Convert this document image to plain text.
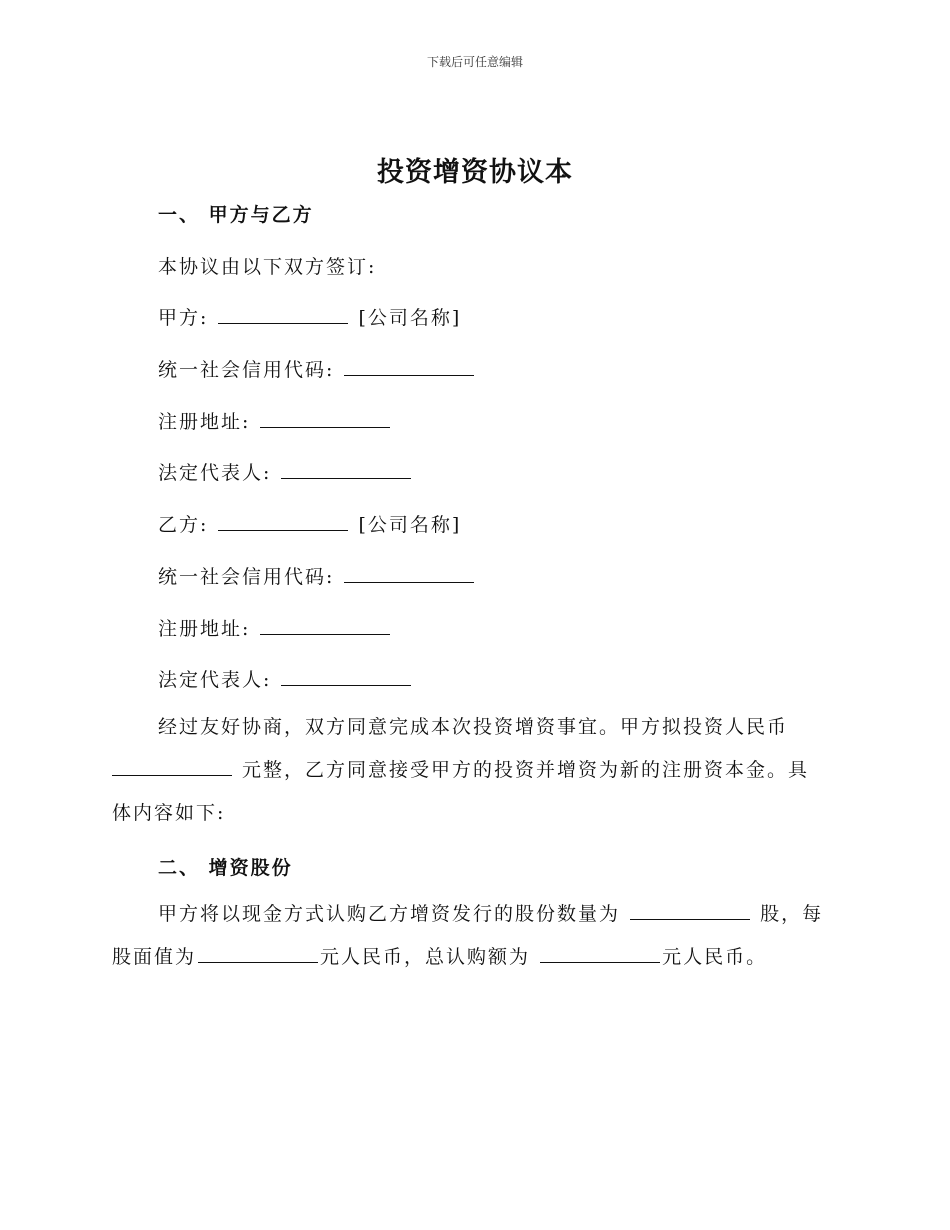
下载后可任意编辑
投资增资协议本
一、 甲方与乙方
本协议由以下双方签订:
甲方:	[公司名称]
统一社会信用代码:
注册地址:
法定代表人:
乙方:	[公司名称]
统一社会信用代码:
注册地址:
法定代表人:
经过友好协商，双方同意完成本次投资增资事宜。甲方拟投资人民币
元整，乙方同意接受甲方的投资并增资为新的注册资本金。具
体内容如下:
二、 增资股份
甲方将以现金方式认购乙方增资发行的股份数量为	股，每
股面值为	元人民币，总认购额为	元人民币。
